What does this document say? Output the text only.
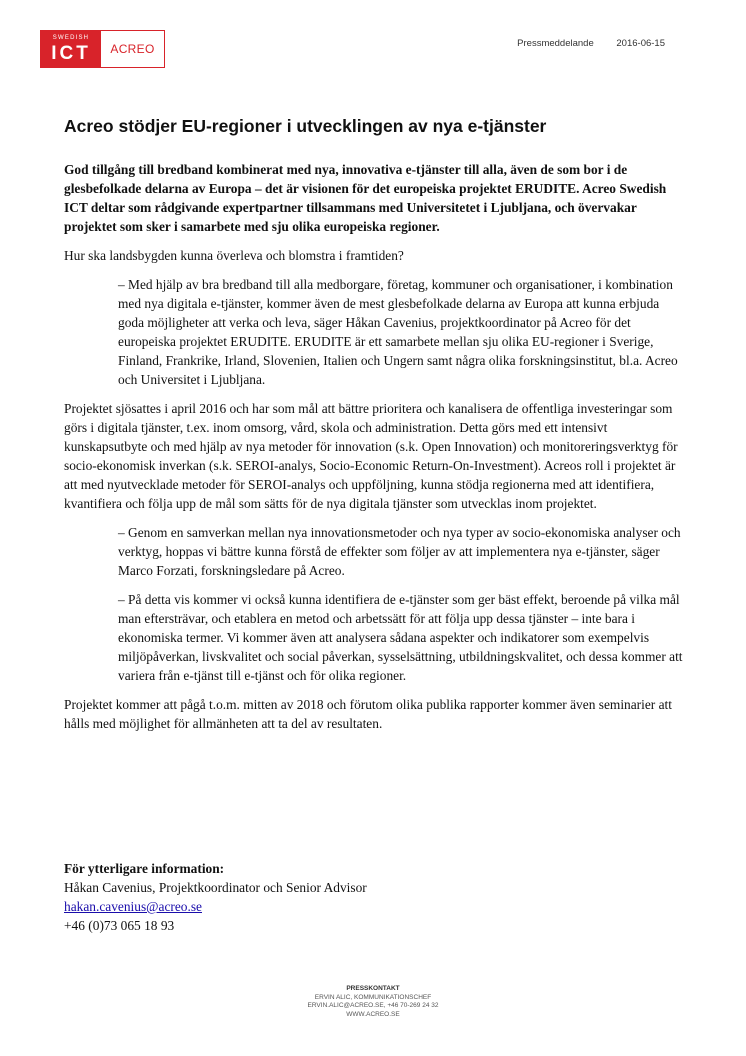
SWEDISH
ICT	ACREO	Pressmeddelande 2016-06-15
Acreo stödjer EU-regioner i utvecklingen av nya e-tjänster

God tillgång till bredband kombinerat med nya, innovativa e-tjänster till alla, även de som bor i de glesbefolkade delarna av Europa – det är visionen för det europeiska projektet ERUDITE. Acreo Swedish ICT deltar som rådgivande expertpartner tillsammans med Universitetet i Ljubljana, och övervakar projektet som sker i samarbete med sju olika europeiska regioner.

Hur ska landsbygden kunna överleva och blomstra i framtiden?

– Med hjälp av bra bredband till alla medborgare, företag, kommuner och organisationer, i kombination med nya digitala e-tjänster, kommer även de mest glesbefolkade delarna av Europa att kunna erbjuda goda möjligheter att verka och leva, säger Håkan Cavenius, projektkoordinator på Acreo för det europeiska projektet ERUDITE. ERUDITE är ett samarbete mellan sju olika EU-regioner i Sverige, Finland, Frankrike, Irland, Slovenien, Italien och Ungern samt några olika forskningsinstitut, bl.a. Acreo och Universitet i Ljubljana.

Projektet sjösattes i april 2016 och har som mål att bättre prioritera och kanalisera de offentliga investeringar som görs i digitala tjänster, t.ex. inom omsorg, vård, skola och administration. Detta görs med ett intensivt kunskapsutbyte och med hjälp av nya metoder för innovation (s.k. Open Innovation) och monitoreringsverktyg för socio-ekonomisk inverkan (s.k. SEROI-analys, Socio-Economic Return-On-Investment). Acreos roll i projektet är att med nyutvecklade metoder för SEROI-analys och uppföljning, kunna stödja regionerna med att identifiera, kvantifiera och följa upp de mål som sätts för de nya digitala tjänster som utvecklas inom projektet.

– Genom en samverkan mellan nya innovationsmetoder och nya typer av socio-ekonomiska analyser och verktyg, hoppas vi bättre kunna förstå de effekter som följer av att implementera nya e-tjänster, säger Marco Forzati, forskningsledare på Acreo.

– På detta vis kommer vi också kunna identifiera de e-tjänster som ger bäst effekt, beroende på vilka mål man eftersträvar, och etablera en metod och arbetssätt för att följa upp dessa tjänster – inte bara i ekonomiska termer. Vi kommer även att analysera sådana aspekter och indikatorer som exempelvis miljöpåverkan, livskvalitet och social påverkan, sysselsättning, utbildningskvalitet, och dessa kommer att variera från e-tjänst till e-tjänst och för olika regioner.

Projektet kommer att pågå t.o.m. mitten av 2018 och förutom olika publika rapporter kommer även seminarier att hålls med möjlighet för allmänheten att ta del av resultaten.

För ytterligare information:
Håkan Cavenius, Projektkoordinator och Senior Advisor
hakan.cavenius@acreo.se
+46 (0)73 065 18 93
PRESSKONTAKT
ERVIN ALIC, KOMMUNIKATIONSCHEF
ERVIN.ALIC@ACREO.SE, +46 70-269 24 32
WWW.ACREO.SE
